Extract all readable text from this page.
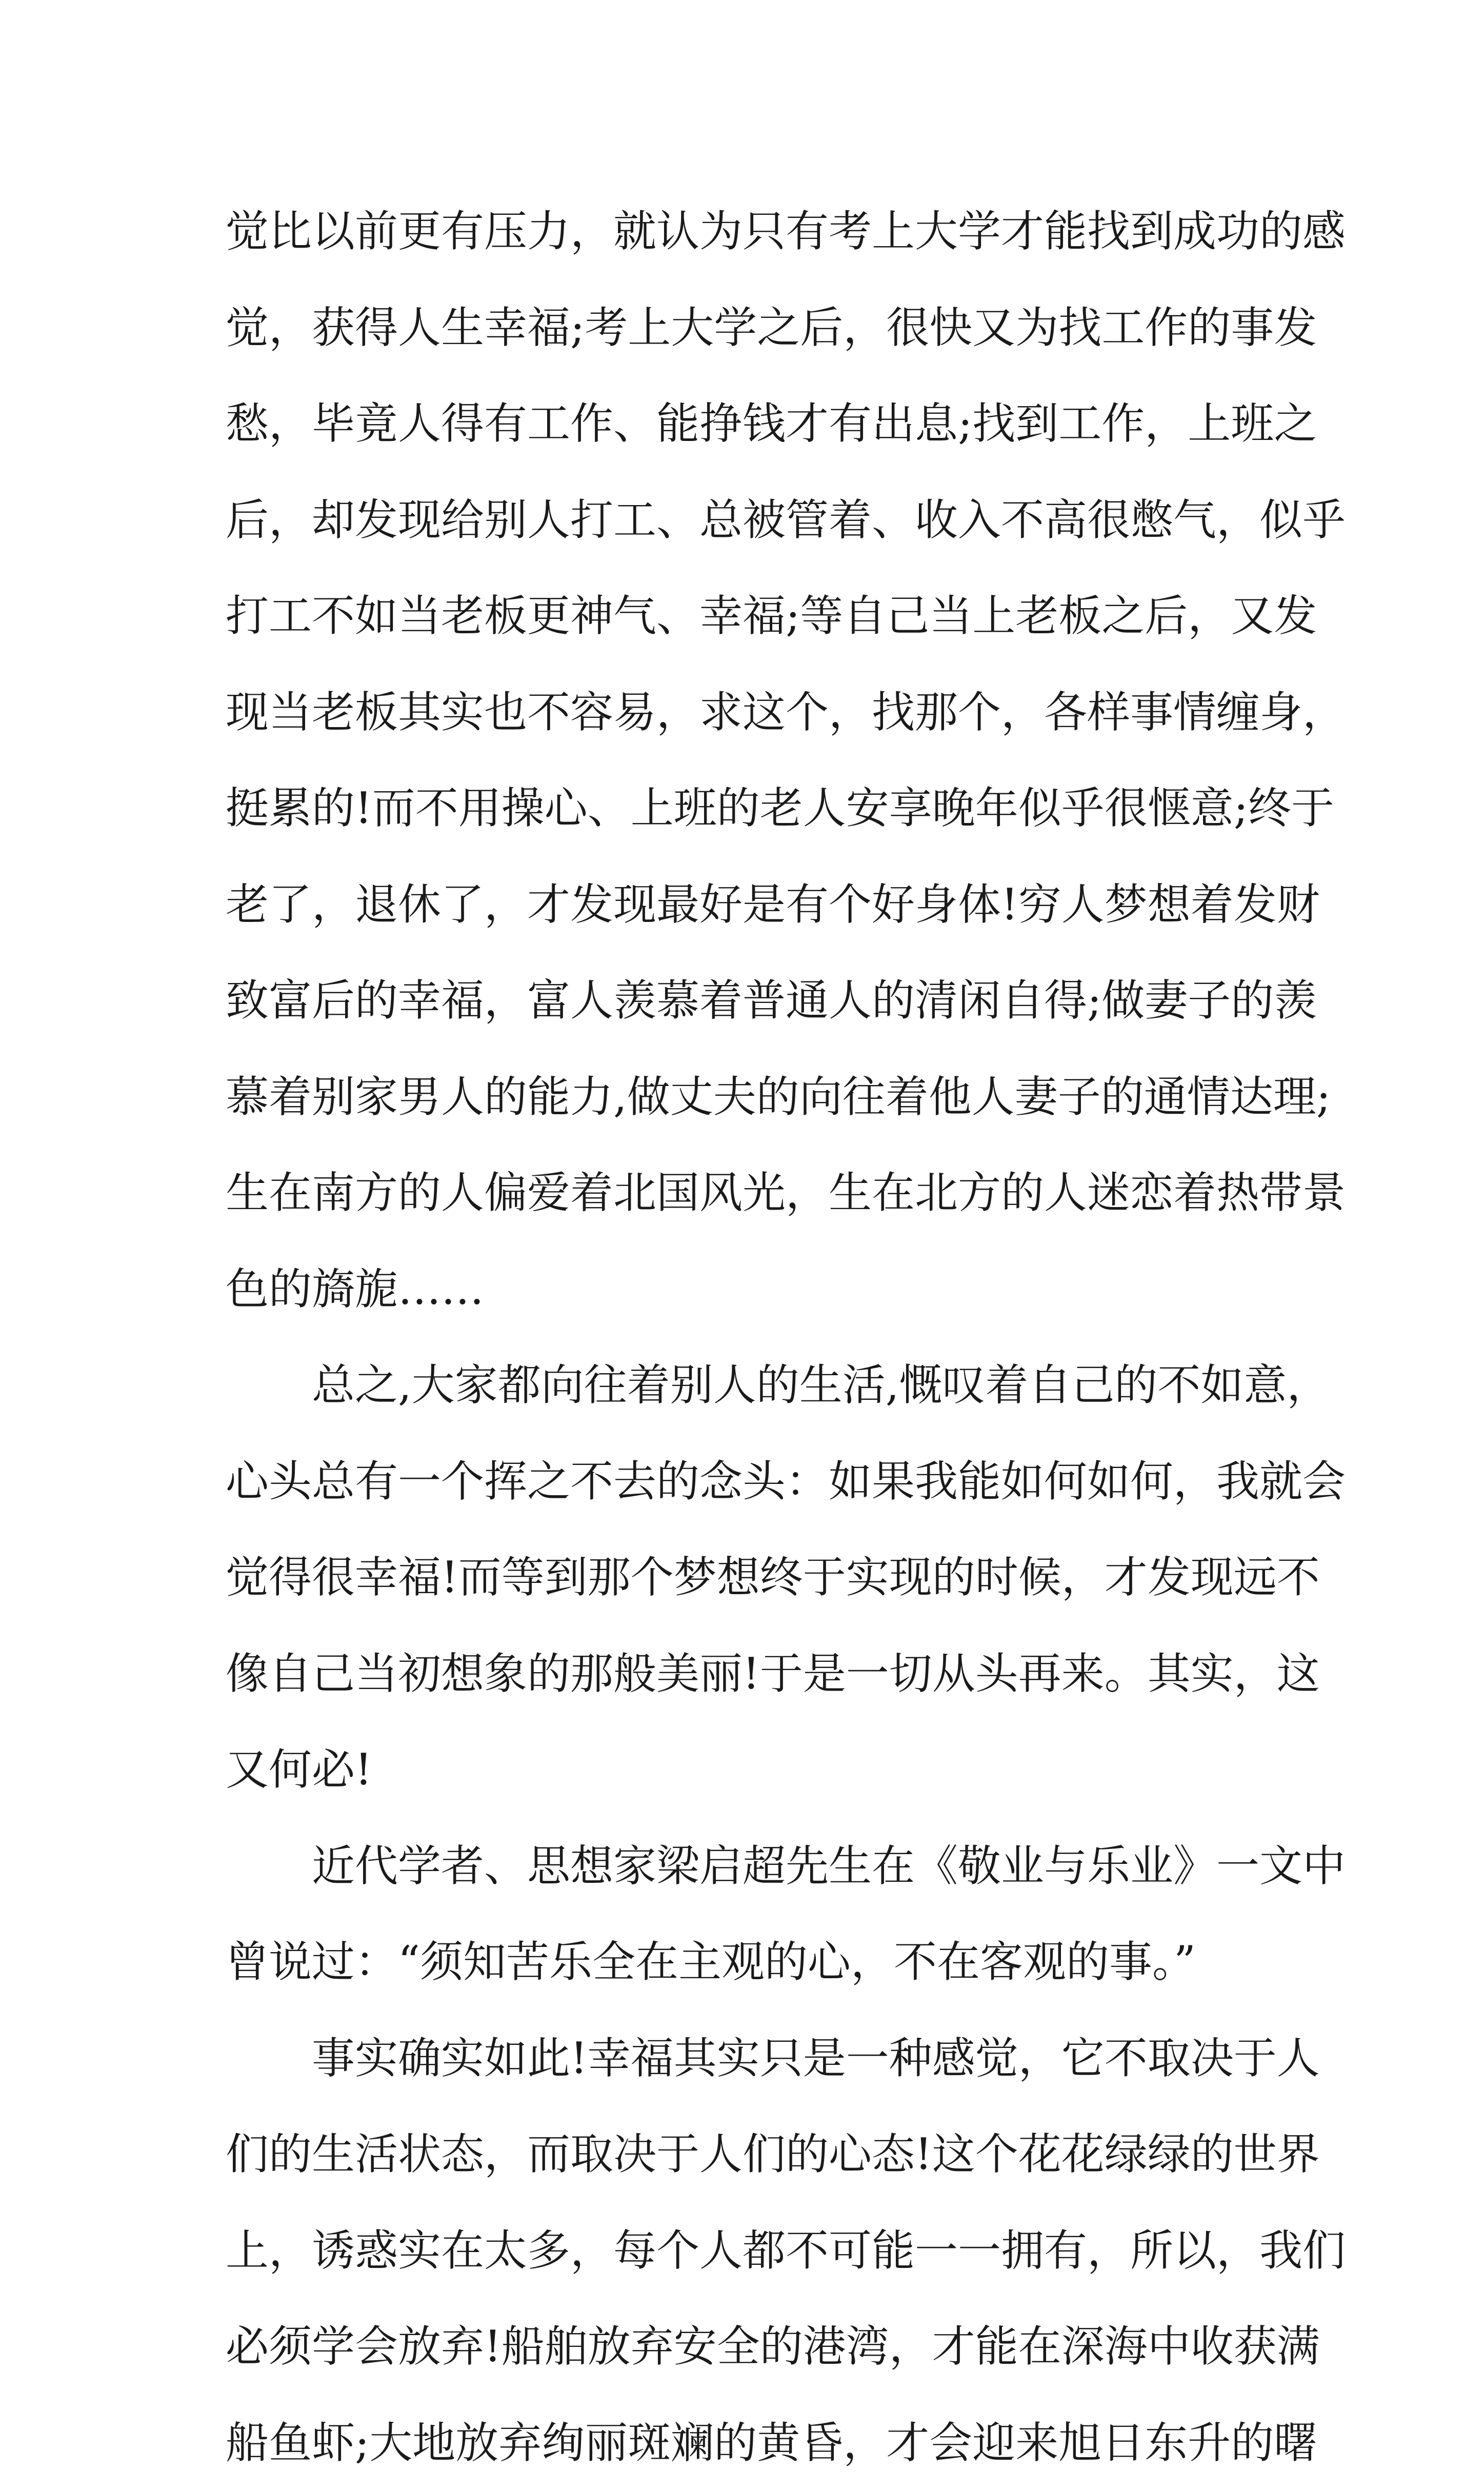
觉比以前更有压力，就认为只有考上大学才能找到成功的感
觉，获得人生幸福;考上大学之后，很快又为找工作的事发
愁，毕竟人得有工作、能挣钱才有出息;找到工作，上班之
后，却发现给别人打工、总被管着、收入不高很憋气，似乎
打工不如当老板更神气、幸福;等自己当上老板之后，又发
现当老板其实也不容易，求这个，找那个，各样事情缠身，
挺累的!而不用操心、上班的老人安享晚年似乎很惬意;终于
老了，退休了，才发现最好是有个好身体!穷人梦想着发财
致富后的幸福，富人羡慕着普通人的清闲自得;做妻子的羡
慕着别家男人的能力,做丈夫的向往着他人妻子的通情达理;
生在南方的人偏爱着北国风光，生在北方的人迷恋着热带景
色的旖旎……
总之,大家都向往着别人的生活,慨叹着自己的不如意，
心头总有一个挥之不去的念头：如果我能如何如何，我就会
觉得很幸福!而等到那个梦想终于实现的时候，才发现远不
像自己当初想象的那般美丽!于是一切从头再来。其实，这
又何必!
近代学者、思想家梁启超先生在《敬业与乐业》一文中
曾说过：“须知苦乐全在主观的心，不在客观的事。”
事实确实如此!幸福其实只是一种感觉，它不取决于人
们的生活状态，而取决于人们的心态!这个花花绿绿的世界
上，诱惑实在太多，每个人都不可能一一拥有，所以，我们
必须学会放弃!船舶放弃安全的港湾，才能在深海中收获满
船鱼虾;大地放弃绚丽斑斓的黄昏，才会迎来旭日东升的曙
